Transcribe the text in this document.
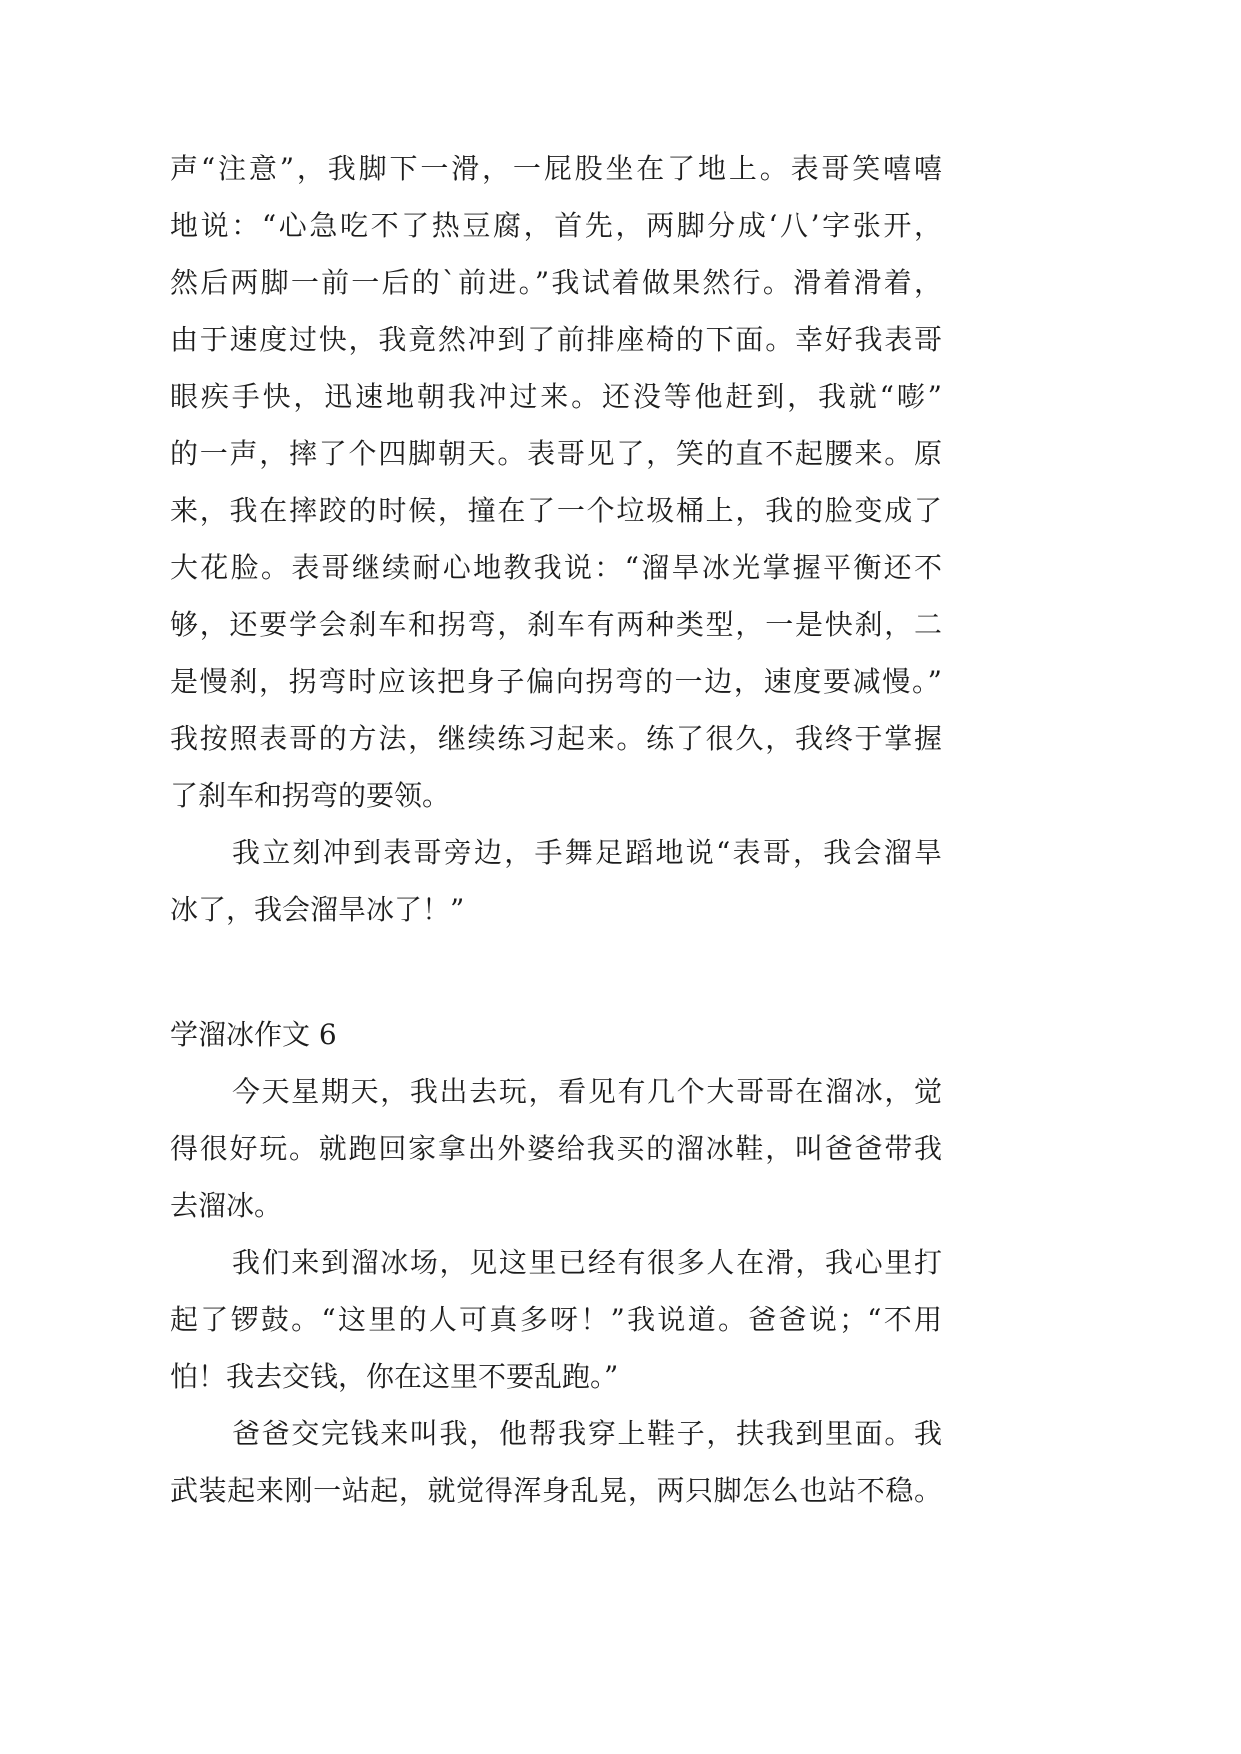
声“注意”，我脚下一滑，一屁股坐在了地上。表哥笑嘻嘻
地说：“心急吃不了热豆腐，首先，两脚分成‘八’字张开，
然后两脚一前一后的`前进。”我试着做果然行。滑着滑着，
由于速度过快，我竟然冲到了前排座椅的下面。幸好我表哥
眼疾手快，迅速地朝我冲过来。还没等他赶到，我就“嘭”
的一声，摔了个四脚朝天。表哥见了，笑的直不起腰来。原
来，我在摔跤的时候，撞在了一个垃圾桶上，我的脸变成了
大花脸。表哥继续耐心地教我说：“溜旱冰光掌握平衡还不
够，还要学会刹车和拐弯，刹车有两种类型，一是快刹，二
是慢刹，拐弯时应该把身子偏向拐弯的一边，速度要减慢。”
我按照表哥的方法，继续练习起来。练了很久，我终于掌握
了刹车和拐弯的要领。
我立刻冲到表哥旁边，手舞足蹈地说“表哥，我会溜旱
冰了，我会溜旱冰了！”
学溜冰作文 6
今天星期天，我出去玩，看见有几个大哥哥在溜冰，觉
得很好玩。就跑回家拿出外婆给我买的溜冰鞋，叫爸爸带我
去溜冰。
我们来到溜冰场，见这里已经有很多人在滑，我心里打
起了锣鼓。“这里的人可真多呀！”我说道。爸爸说；“不用
怕！我去交钱，你在这里不要乱跑。”
爸爸交完钱来叫我，他帮我穿上鞋子，扶我到里面。我
武装起来刚一站起，就觉得浑身乱晃，两只脚怎么也站不稳。
